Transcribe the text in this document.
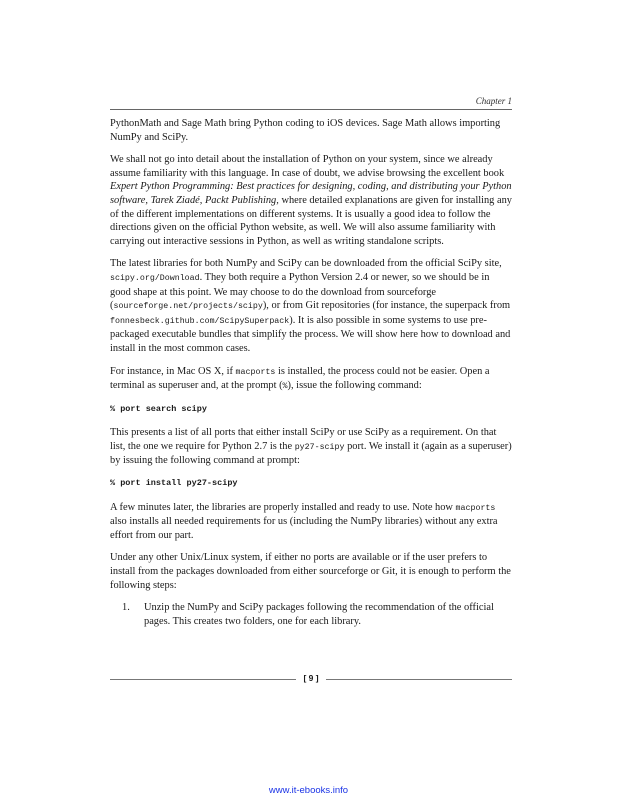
Chapter 1

PythonMath and Sage Math bring Python coding to iOS devices. Sage Math allows importing NumPy and SciPy.

We shall not go into detail about the installation of Python on your system, since we already assume familiarity with this language. In case of doubt, we advise browsing the excellent book Expert Python Programming: Best practices for designing, coding, and distributing your Python software, Tarek Ziadé, Packt Publishing, where detailed explanations are given for installing any of the different implementations on different systems. It is usually a good idea to follow the directions given on the official Python website, as well. We will also assume familiarity with carrying out interactive sessions in Python, as well as writing standalone scripts.

The latest libraries for both NumPy and SciPy can be downloaded from the official SciPy site, scipy.org/Download. They both require a Python Version 2.4 or newer, so we should be in good shape at this point. We may choose to do the download from sourceforge (sourceforge.net/projects/scipy), or from Git repositories (for instance, the superpack from fonnesbeck.github.com/ScipySuperpack). It is also possible in some systems to use pre-packaged executable bundles that simplify the process. We will show here how to download and install in the most common cases.

For instance, in Mac OS X, if macports is installed, the process could not be easier. Open a terminal as superuser and, at the prompt (%), issue the following command:

% port search scipy

This presents a list of all ports that either install SciPy or use SciPy as a requirement. On that list, the one we require for Python 2.7 is the py27-scipy port. We install it (again as a superuser) by issuing the following command at prompt:

% port install py27-scipy

A few minutes later, the libraries are properly installed and ready to use. Note how macports also installs all needed requirements for us (including the NumPy libraries) without any extra effort from our part.

Under any other Unix/Linux system, if either no ports are available or if the user prefers to install from the packages downloaded from either sourceforge or Git, it is enough to perform the following steps:

1. Unzip the NumPy and SciPy packages following the recommendation of the official pages. This creates two folders, one for each library.
[ 9 ]
www.it-ebooks.info
